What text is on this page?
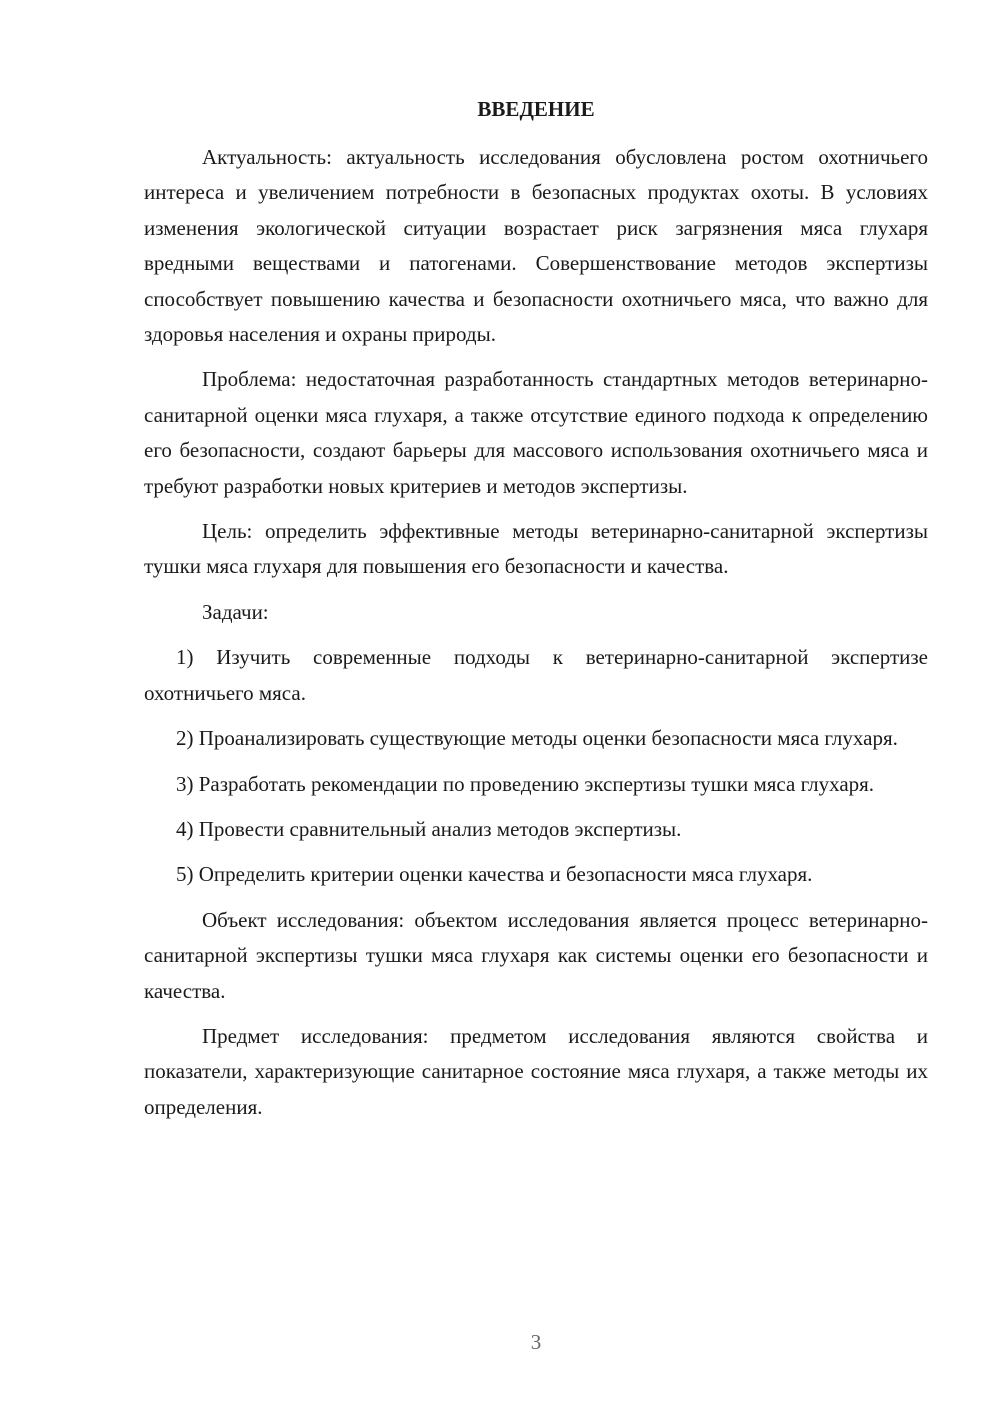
ВВЕДЕНИЕ

Актуальность: актуальность исследования обусловлена ростом охотничьего интереса и увеличением потребности в безопасных продуктах охоты. В условиях изменения экологической ситуации возрастает риск загрязнения мяса глухаря вредными веществами и патогенами. Совершенствование методов экспертизы способствует повышению качества и безопасности охотничьего мяса, что важно для здоровья населения и охраны природы.

Проблема: недостаточная разработанность стандартных методов ветеринарно-санитарной оценки мяса глухаря, а также отсутствие единого подхода к определению его безопасности, создают барьеры для массового использования охотничьего мяса и требуют разработки новых критериев и методов экспертизы.

Цель: определить эффективные методы ветеринарно-санитарной экспертизы тушки мяса глухаря для повышения его безопасности и качества.

Задачи:

1) Изучить современные подходы к ветеринарно-санитарной экспертизе охотничьего мяса.

2) Проанализировать существующие методы оценки безопасности мяса глухаря.

3) Разработать рекомендации по проведению экспертизы тушки мяса глухаря.

4) Провести сравнительный анализ методов экспертизы.

5) Определить критерии оценки качества и безопасности мяса глухаря.

Объект исследования: объектом исследования является процесс ветеринарно-санитарной экспертизы тушки мяса глухаря как системы оценки его безопасности и качества.

Предмет исследования: предметом исследования являются свойства и показатели, характеризующие санитарное состояние мяса глухаря, а также методы их определения.

3
